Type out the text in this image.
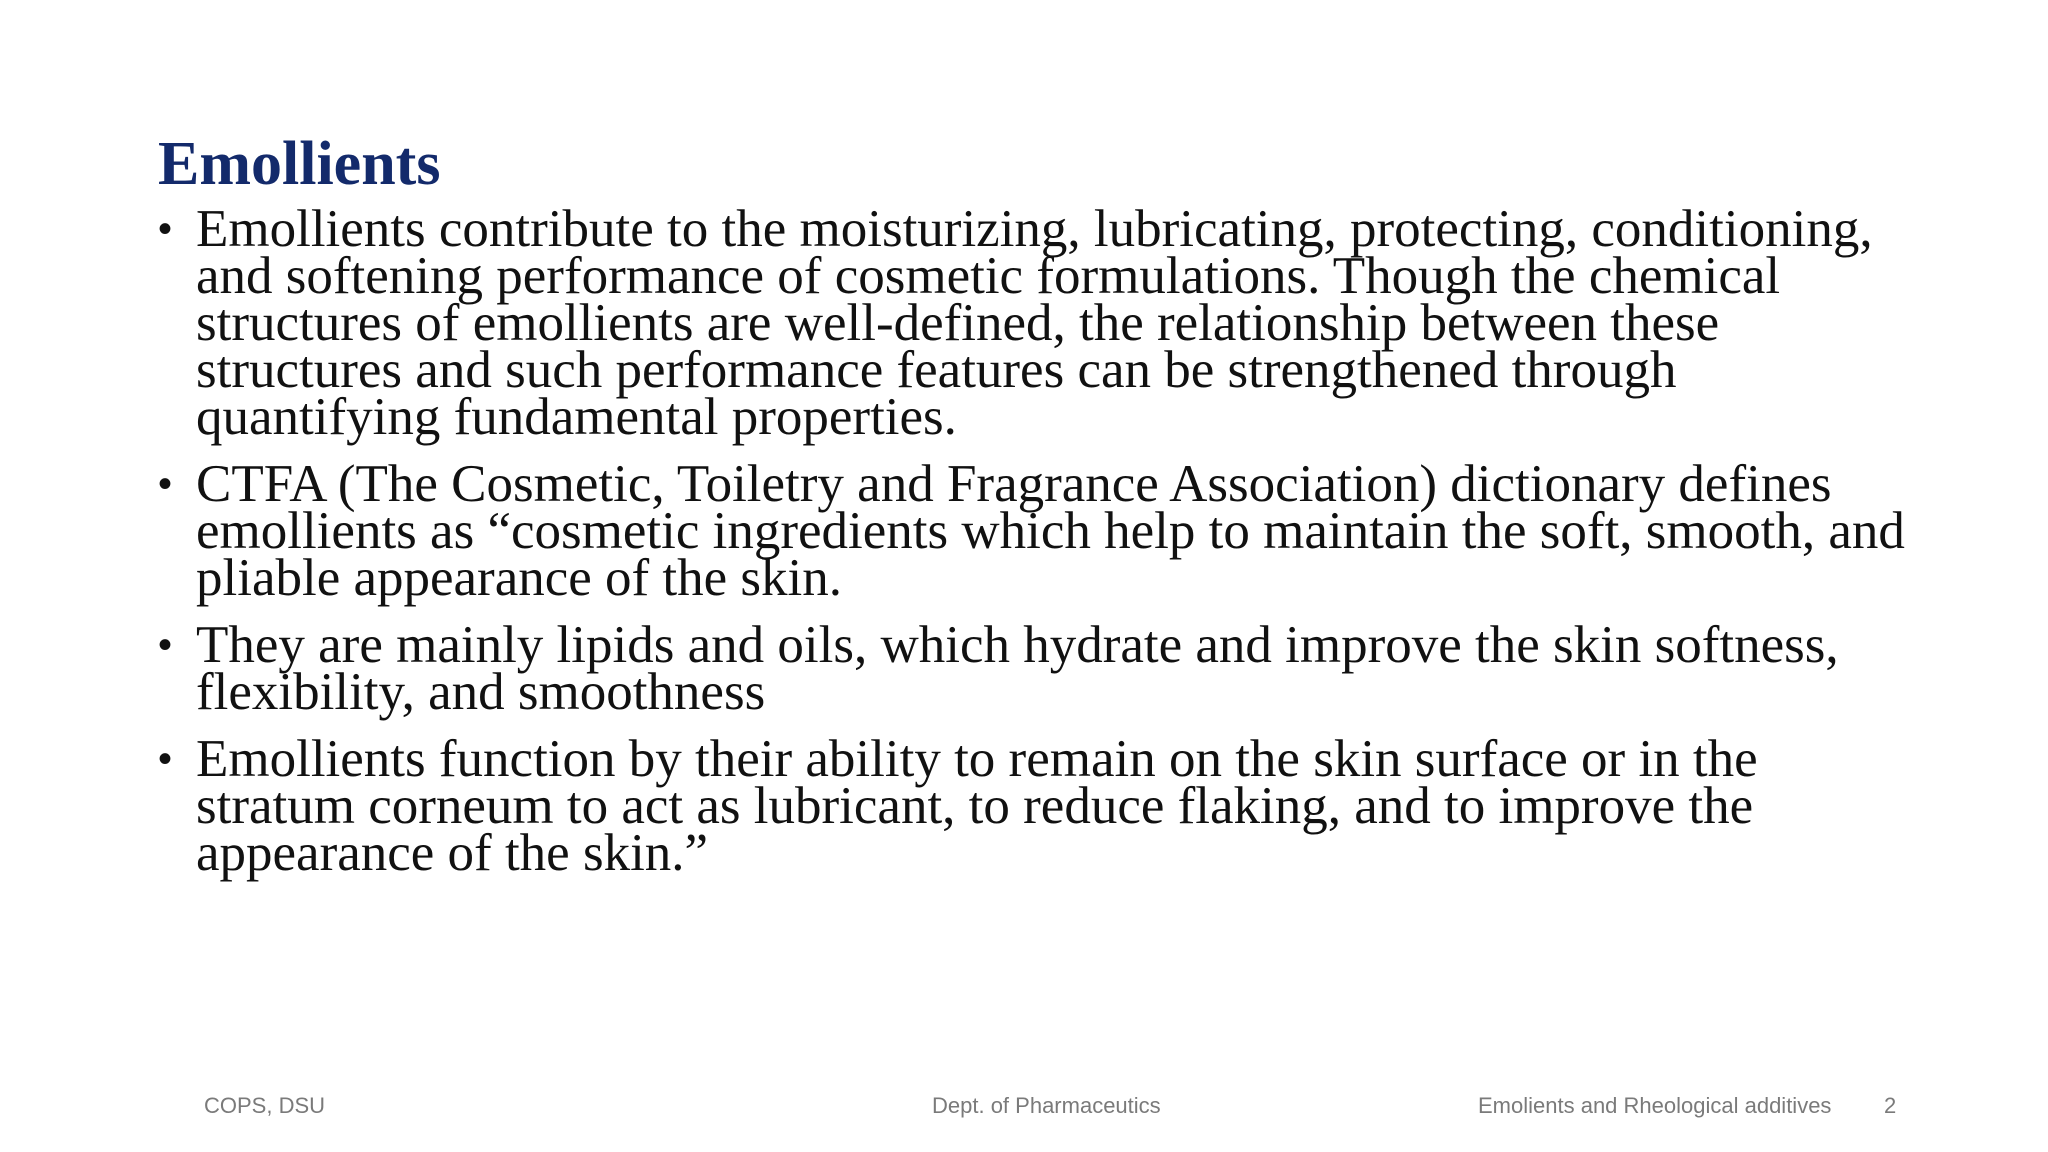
Emollients
• Emollients contribute to the moisturizing, lubricating, protecting, conditioning, and softening performance of cosmetic formulations. Though the chemical structures of emollients are well-defined, the relationship between these structures and such performance features can be strengthened through quantifying fundamental properties.
• CTFA (The Cosmetic, Toiletry and Fragrance Association) dictionary defines emollients as “cosmetic ingredients which help to maintain the soft, smooth, and pliable appearance of the skin.
• They are mainly lipids and oils, which hydrate and improve the skin softness, flexibility, and smoothness
• Emollients function by their ability to remain on the skin surface or in the stratum corneum to act as lubricant, to reduce flaking, and to improve the appearance of the skin.”
COPS, DSU	Dept. of Pharmaceutics	Emolients and Rheological additives 2
